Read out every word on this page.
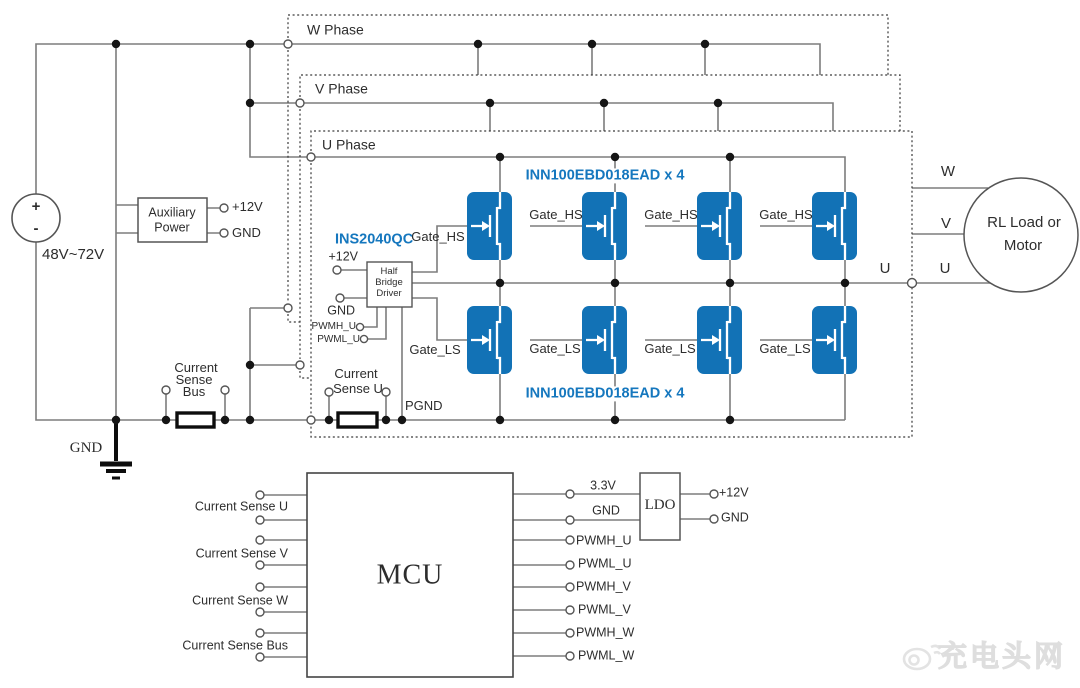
+
-
48V~72V
GND
Auxiliary
Power
+12V
GND
W Phase
V Phase
U Phase
INS2040QC
+12V
GND
PWMH_U
PWML_U
Half
Bridge
Driver
INN100EBD018EAD x 4
INN100EBD018EAD x 4
Gate_HS
Gate_HS	Gate_HS	Gate_HS
Gate_LS	Gate_LS	Gate_LS	Gate_LS
Current
Sense
Bus
Current
Sense U
PGND
U
W
V
U
RL Load or
Motor
MCU
Current Sense U
Current Sense V
Current Sense W
Current Sense Bus
3.3V
GND LDO
+12V
GND
PWMH_U
PWML_U
PWMH_V
PWML_V
PWMH_W
PWML_W	充电头网
